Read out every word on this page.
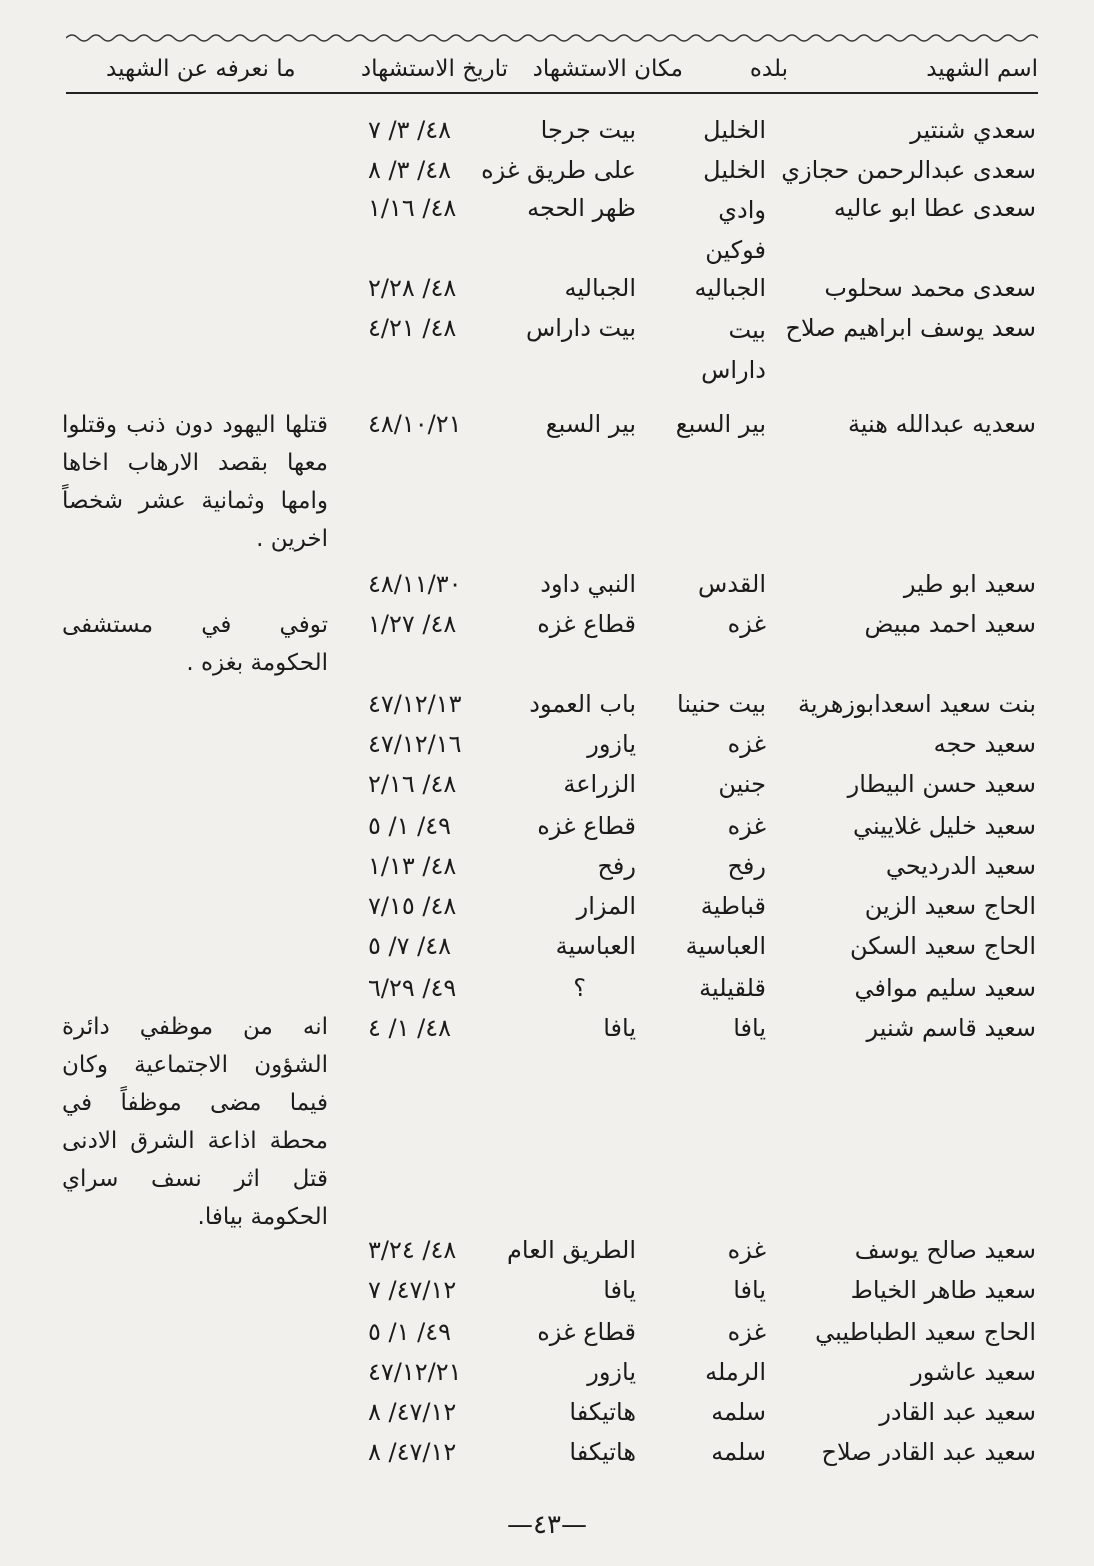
اسم الشهيد
بلده
مكان الاستشهاد
تاريخ الاستشهاد
ما نعرفه عن الشهيد
سعدي شنتير
الخليل
بيت جرجا
٤٨/ ٣/ ٧
سعدى عبدالرحمن حجازي
الخليل
على طريق غزه
٤٨/ ٣/ ٨
سعدى عطا ابو عاليه
وادي فوكين
ظهر الحجه
٤٨/ ١/١٦
سعدى محمد سحلوب
الجباليه
الجباليه
٤٨/ ٢/٢٨
سعد يوسف ابراهيم صلاح
بيت داراس
بيت داراس
٤٨/ ٤/٢١
سعديه عبدالله هنية
بير السبع
بير السبع
٤٨/١٠/٢١
قتلها اليهود دون ذنب وقتلوا معها بقصد الارهاب اخاها وامها وثمانية عشر شخصاً اخرين .
سعيد ابو طير
القدس
النبي داود
٤٨/١١/٣٠
سعيد احمد مبيض
غزه
قطاع غزه
٤٨/ ١/٢٧
توفي في مستشفى الحكومة بغزه .
بنت سعيد اسعدابوزهرية
بيت حنينا
باب العمود
٤٧/١٢/١٣
سعيد حجه
غزه
يازور
٤٧/١٢/١٦
سعيد حسن البيطار
جنين
الزراعة
٤٨/ ٢/١٦
سعيد خليل غلاييني
غزه
قطاع غزه
٤٩/ ١/ ٥
سعيد الدرديحي
رفح
رفح
٤٨/ ١/١٣
الحاج سعيد الزين
قباطية
المزار
٤٨/ ٧/١٥
الحاج سعيد السكن
العباسية
العباسية
٤٨/ ٧/ ٥
سعيد سليم موافي
قلقيلية
؟
٤٩/ ٦/٢٩
سعيد قاسم شنير
يافا
يافا
٤٨/ ١/ ٤
انه من موظفي دائرة الشؤون الاجتماعية وكان فيما مضى موظفاً في محطة اذاعة الشرق الادنى قتل اثر نسف سراي الحكومة بيافا.
سعيد صالح يوسف
غزه
الطريق العام
٤٨/ ٣/٢٤
سعيد طاهر الخياط
يافا
يافا
٤٧/١٢/ ٧
الحاج سعيد الطباطيبي
غزه
قطاع غزه
٤٩/ ١/ ٥
سعيد عاشور
الرمله
يازور
٤٧/١٢/٢١
سعيد عبد القادر
سلمه
هاتيكفا
٤٧/١٢/ ٨
سعيد عبد القادر صلاح
سلمه
هاتيكفا
٤٧/١٢/ ٨
—٤٣—
